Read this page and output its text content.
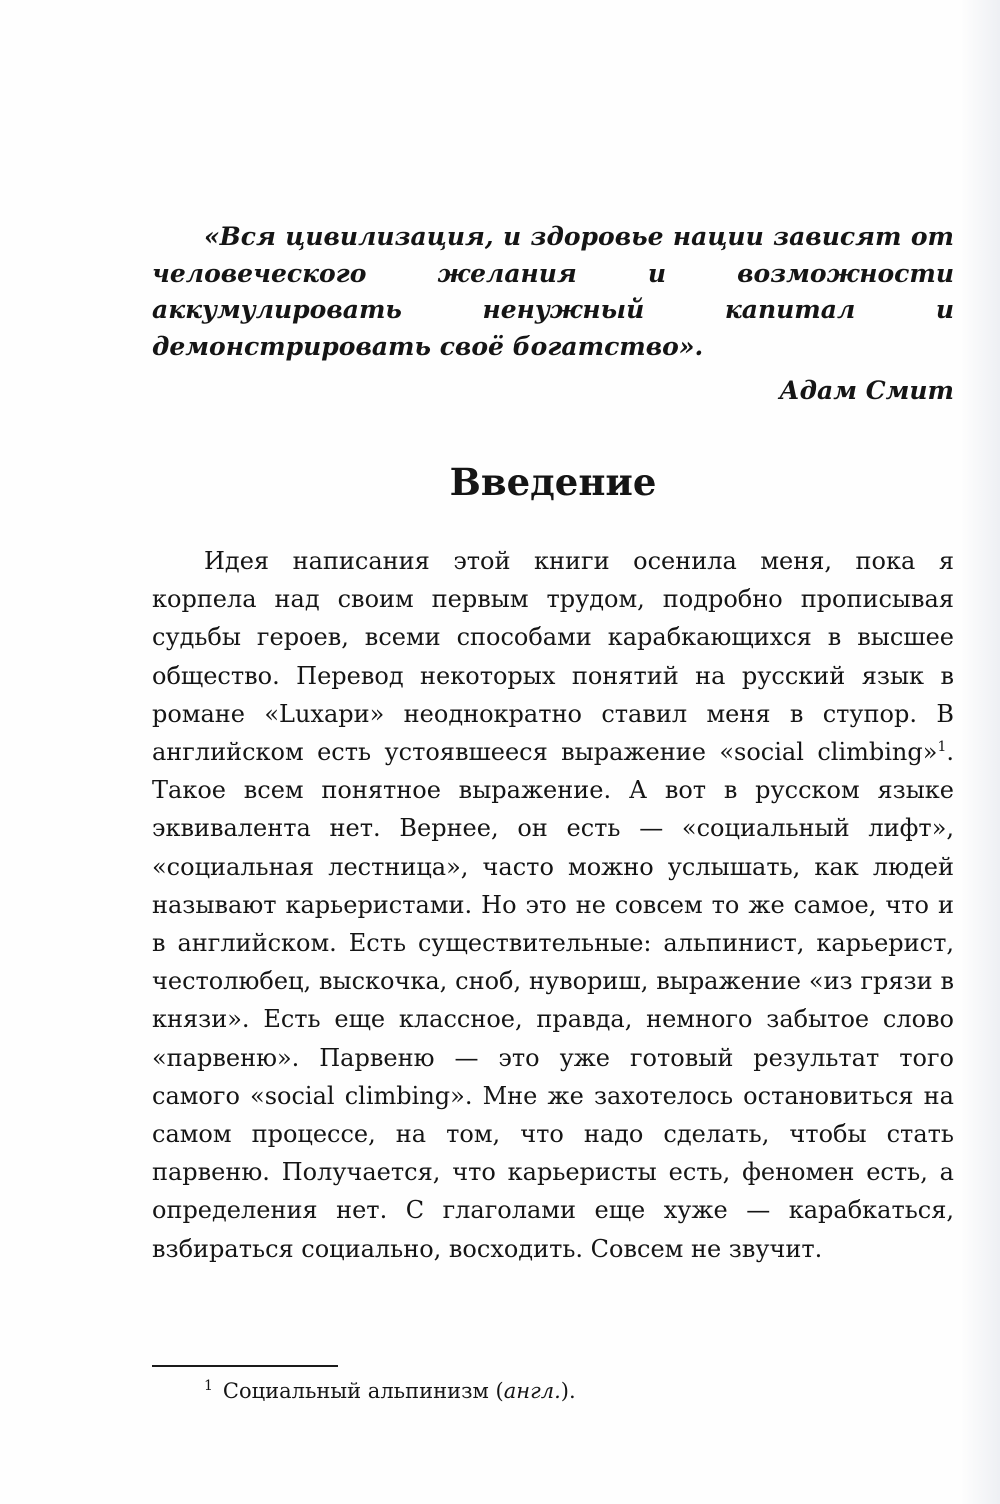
«Вся цивилизация, и здоровье нации зависят от человеческого желания и возможности аккумулировать ненужный капитал и демонстрировать своё богатство».

Адам Смит
Введение

Идея написания этой книги осенила меня, пока я корпела над своим первым трудом, подробно прописывая судьбы героев, всеми способами карабкающихся в высшее общество. Перевод некоторых понятий на русский язык в романе «Luxари» неоднократно ставил меня в ступор. В английском есть устоявшееся выражение «social climbing»$^1$. Такое всем понятное выражение. А вот в русском языке эквивалента нет. Вернее, он есть — «социальный лифт», «социальная лестница», часто можно услышать, как людей называют карьеристами. Но это не совсем то же самое, что и в английском. Есть существительные: альпинист, карьерист, честолюбец, выскочка, сноб, нувориш, выражение «из грязи в князи». Есть еще классное, правда, немного забытое слово «парвеню». Парвеню — это уже готовый результат того самого «social climbing». Мне же захотелось остановиться на самом процессе, на том, что надо сделать, чтобы стать парвеню. Получается, что карьеристы есть, феномен есть, а определения нет. С глаголами еще хуже — карабкаться, взбираться социально, восходить. Совсем не звучит.

$^1$ Социальный альпинизм (англ.).
